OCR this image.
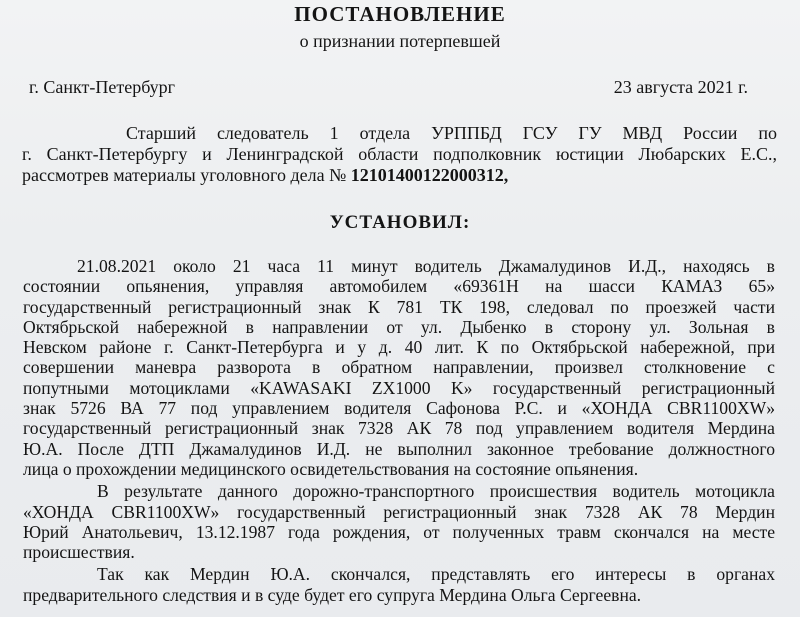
ПОСТАНОВЛЕНИЕ
о признании потерпевшей
г. Санкт-Петербург	23 августа 2021 г.
Старший следователь 1 отдела УРППБД ГСУ ГУ МВД России по
г. Санкт-Петербургу и Ленинградской области подполковник юстиции Любарских Е.С.,
рассмотрев материалы уголовного дела № 12101400122000312,
УСТАНОВИЛ:
21.08.2021 около 21 часа 11 минут водитель Джамалудинов И.Д., находясь в
состоянии опьянения, управляя автомобилем «69361Н на шасси КАМАЗ 65»
государственный регистрационный знак К 781 ТК 198, следовал по проезжей части
Октябрьской набережной в направлении от ул. Дыбенко в сторону ул. Зольная в
Невском районе г. Санкт-Петербурга и у д. 40 лит. К по Октябрьской набережной, при
совершении маневра разворота в обратном направлении, произвел столкновение с
попутными мотоциклами «KAWASAKI ZX1000 K» государственный регистрационный
знак 5726 ВА 77 под управлением водителя Сафонова Р.С. и «ХОНДА CBR1100XW»
государственный регистрационный знак 7328 АК 78 под управлением водителя Мердина
Ю.А. После ДТП Джамалудинов И.Д. не выполнил законное требование должностного
лица о прохождении медицинского освидетельствования на состояние опьянения.
В результате данного дорожно-транспортного происшествия водитель мотоцикла
«ХОНДА CBR1100XW» государственный регистрационный знак 7328 АК 78 Мердин
Юрий Анатольевич, 13.12.1987 года рождения, от полученных травм скончался на месте
происшествия.
Так как Мердин Ю.А. скончался, представлять его интересы в органах
предварительного следствия и в суде будет его супруга Мердина Ольга Сергеевна.
